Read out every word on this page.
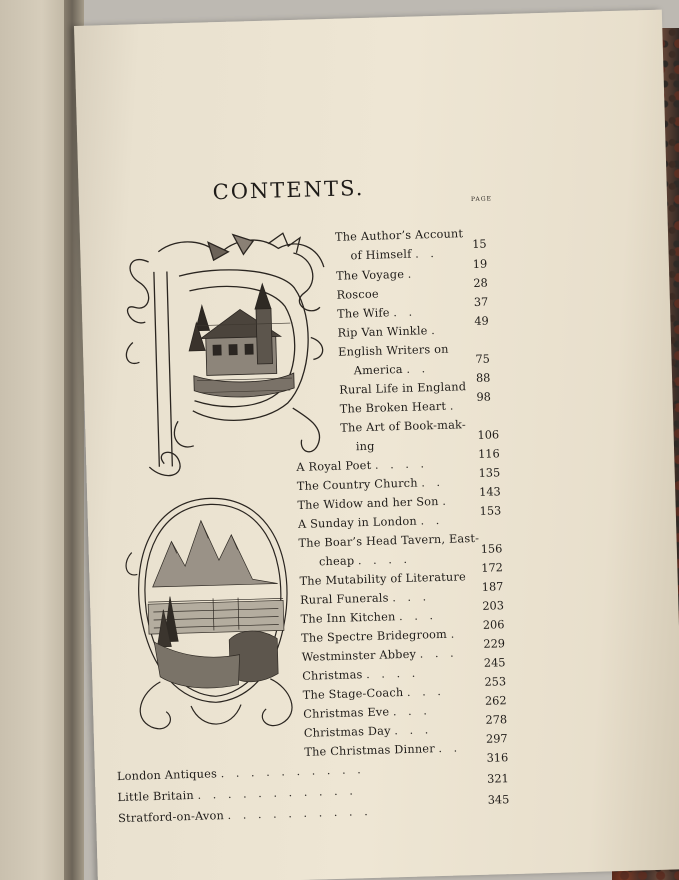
CONTENTS.	PAGE
The Author’s Account
of Himself . .
15
The Voyage .
19
Roscoe
28
The Wife . .
37
Rip Van Winkle .
49
English Writers on
America . .
75
Rural Life in England
88
The Broken Heart .
98
The Art of Book-mak-
ing
106
A Royal Poet . . . .
116
The Country Church . .
135
The Widow and her Son .
143
A Sunday in London . .
153
The Boar’s Head Tavern, East-
cheap . . . .
156
The Mutability of Literature
172
Rural Funerals . . .
187
The Inn Kitchen . . .
203
The Spectre Bridegroom .
206
Westminster Abbey . . .
229
Christmas . . . .
245
The Stage-Coach . . .
253
Christmas Eve . . .
262
Christmas Day . . .
278
The Christmas Dinner . .
297
London Antiques . . . . . . . . . .
316
Little Britain . . . . . . . . . . .
321
Stratford-on-Avon . . . . . . . . . .
345
